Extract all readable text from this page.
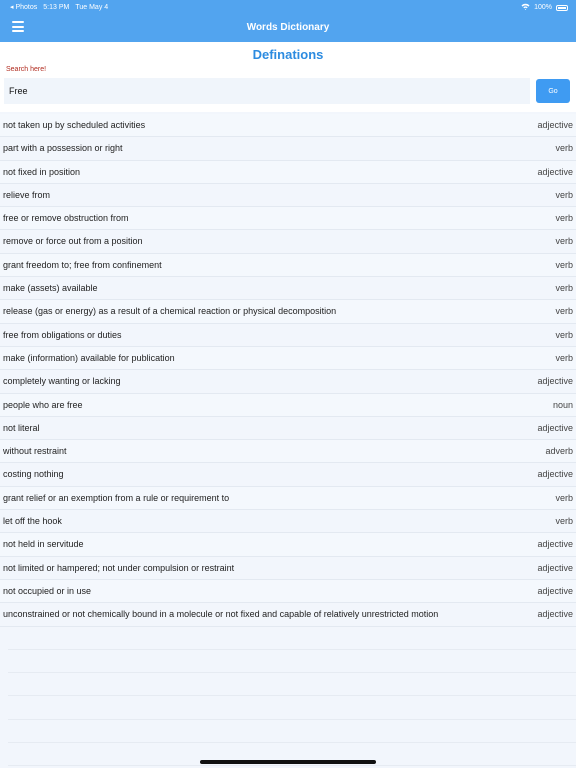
◂ Photos 5:13 PM Tue May 4	100%
Words Dictionary
Definations
Search here!
Free
Go
not taken up by scheduled activities	adjective
part with a possession or right	verb
not fixed in position	adjective
relieve from	verb
free or remove obstruction from	verb
remove or force out from a position	verb
grant freedom to; free from confinement	verb
make (assets) available	verb
release (gas or energy) as a result of a chemical reaction or physical decomposition	verb
free from obligations or duties	verb
make (information) available for publication	verb
completely wanting or lacking	adjective
people who are free	noun
not literal	adjective
without restraint	adverb
costing nothing	adjective
grant relief or an exemption from a rule or requirement to	verb
let off the hook	verb
not held in servitude	adjective
not limited or hampered; not under compulsion or restraint	adjective
not occupied or in use	adjective
unconstrained or not chemically bound in a molecule or not fixed and capable of relatively unrestricted motion	adjective
